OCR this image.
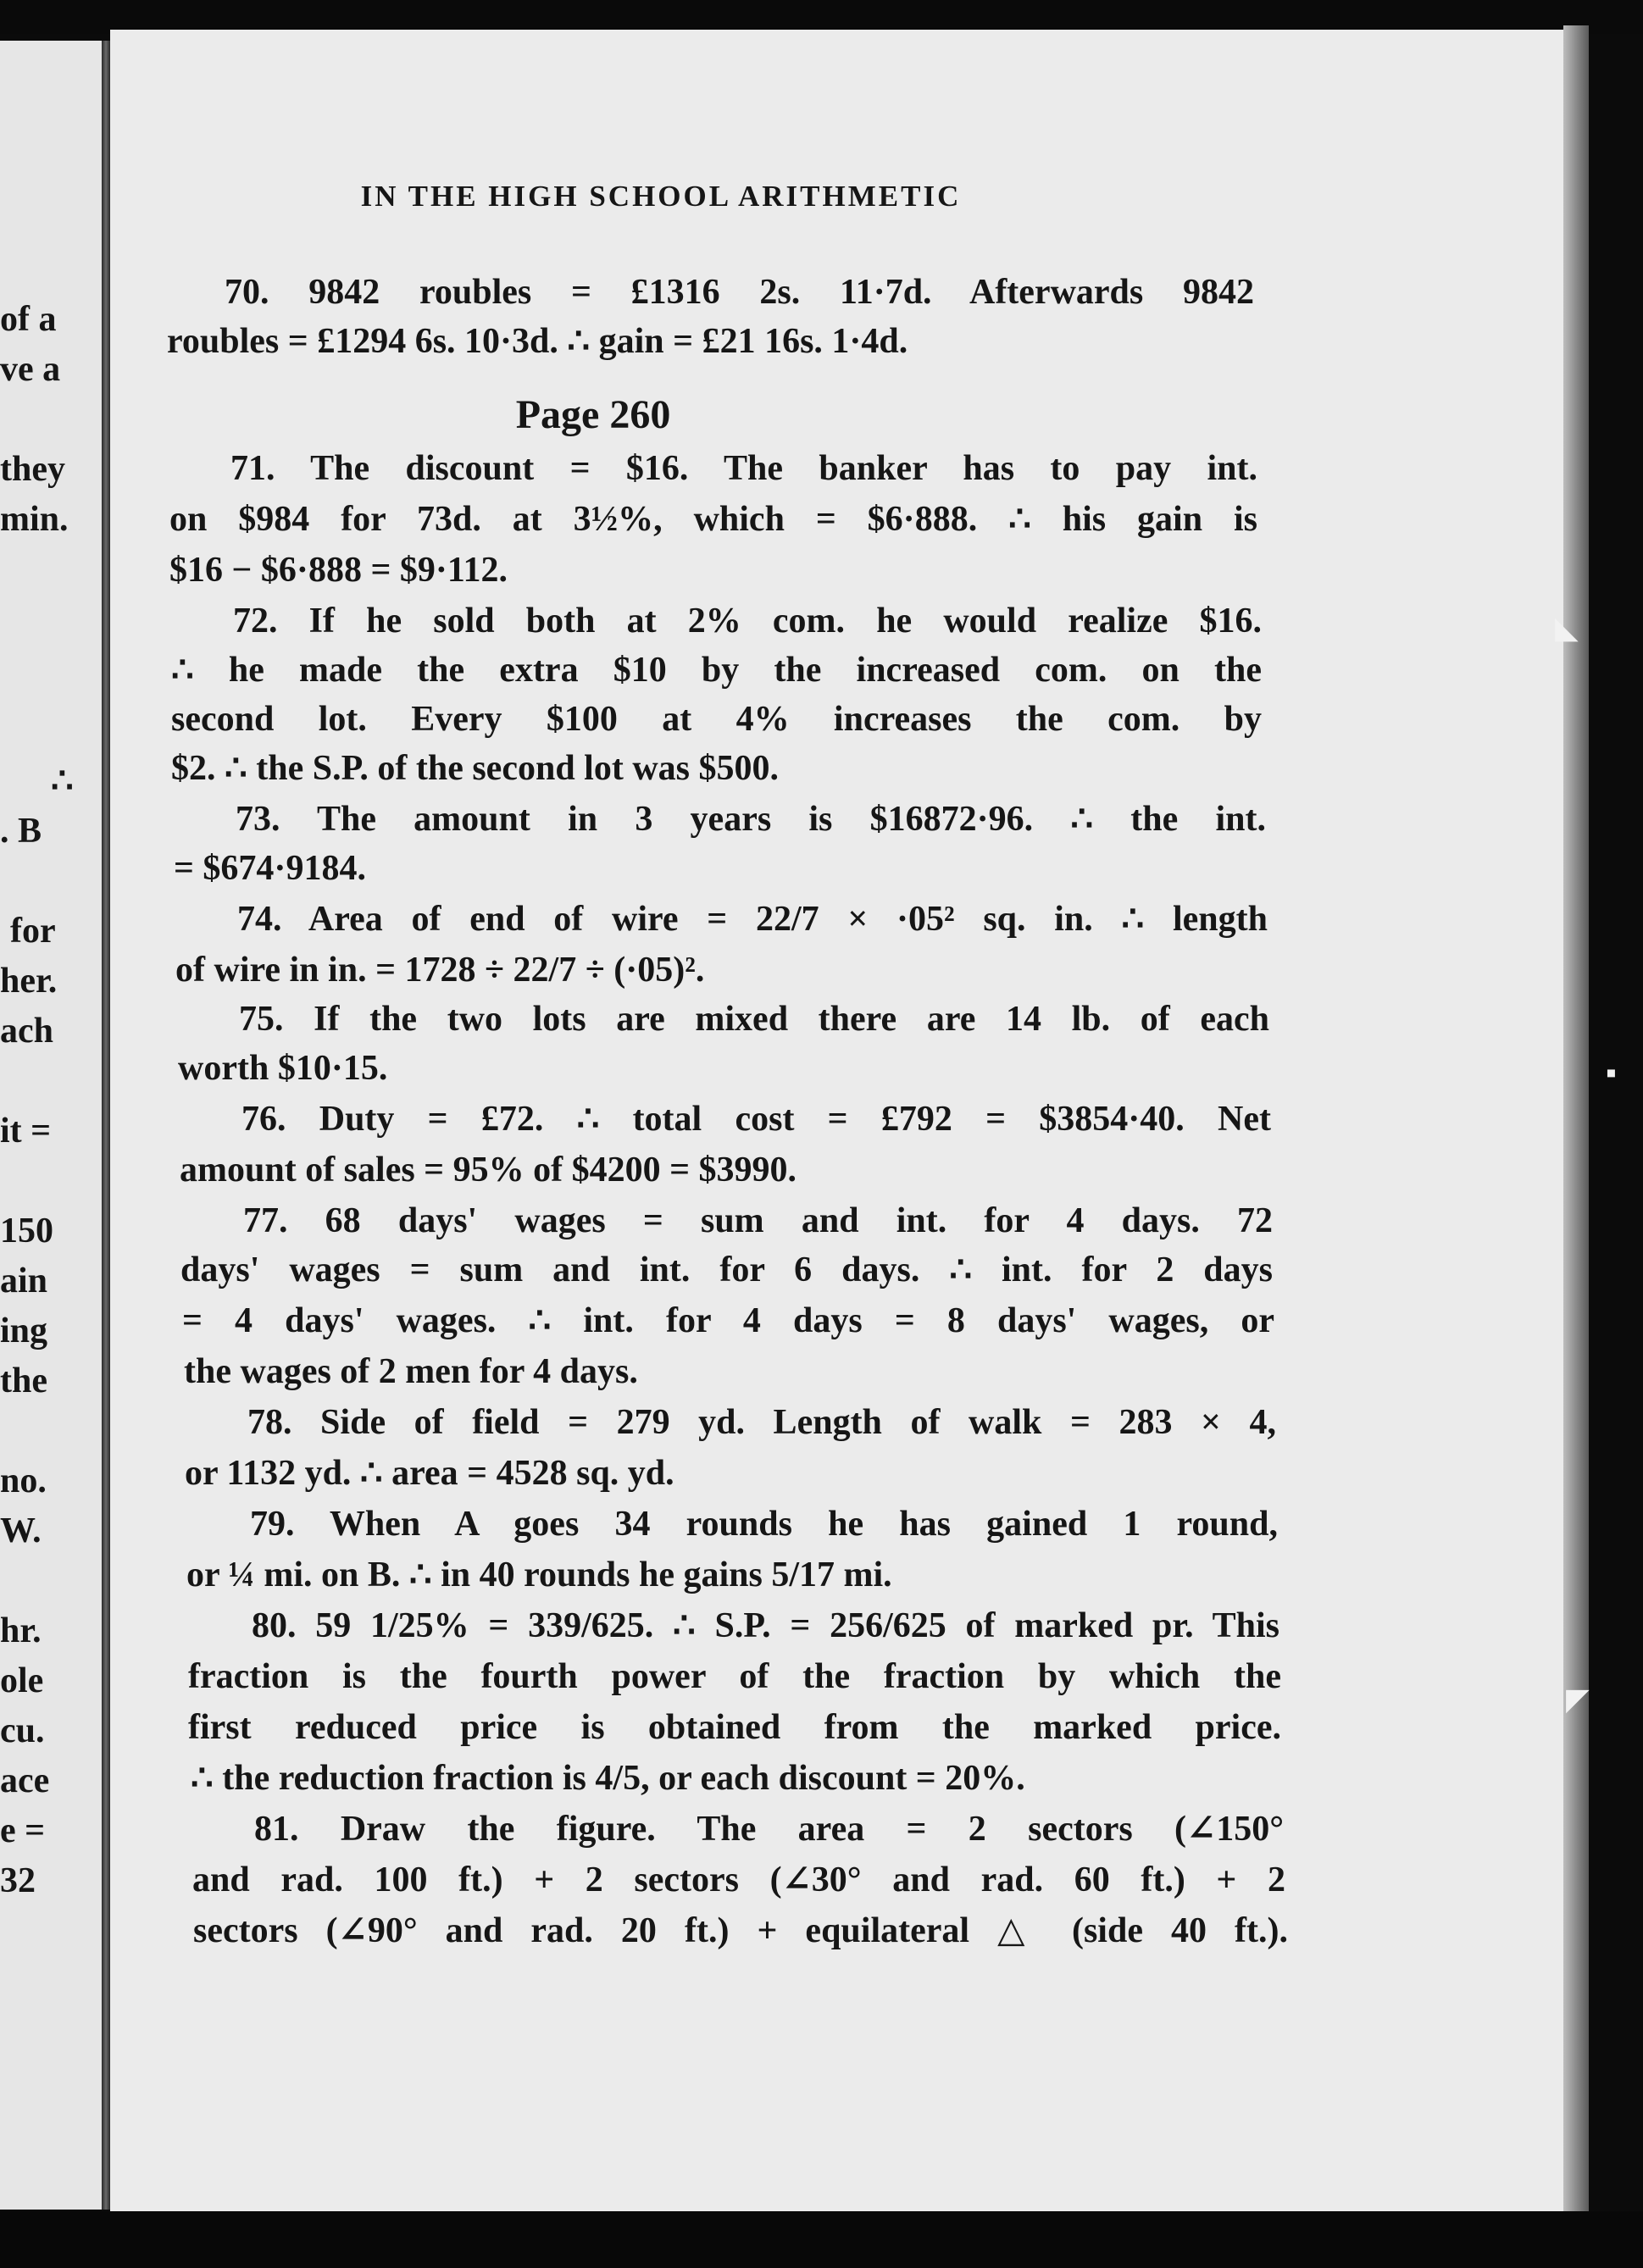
of a
ve a
they
min.
∴
. B
for
her.
ach
it =
150
ain
ing
the
no.
W.
hr.
ole
cu.
ace
e =
32
IN THE HIGH SCHOOL ARITHMETIC
70. 9842 roubles = £1316 2s. 11·7d. Afterwards 9842
roubles = £1294 6s. 10·3d. ∴ gain = £21 16s. 1·4d.
Page 260
71. The discount = $16. The banker has to pay int.
on $984 for 73d. at 3½%, which = $6·888. ∴ his gain is
$16 − $6·888 = $9·112.
72. If he sold both at 2% com. he would realize $16.
∴ he made the extra $10 by the increased com. on the
second lot. Every $100 at 4% increases the com. by
$2. ∴ the S.P. of the second lot was $500.
73. The amount in 3 years is $16872·96. ∴ the int.
= $674·9184.
74. Area of end of wire = 22/7 × ·05² sq. in. ∴ length
of wire in in. = 1728 ÷ 22/7 ÷ (·05)².
75. If the two lots are mixed there are 14 lb. of each
worth $10·15.
76. Duty = £72. ∴ total cost = £792 = $3854·40. Net
amount of sales = 95% of $4200 = $3990.
77. 68 days' wages = sum and int. for 4 days. 72
days' wages = sum and int. for 6 days. ∴ int. for 2 days
= 4 days' wages. ∴ int. for 4 days = 8 days' wages, or
the wages of 2 men for 4 days.
78. Side of field = 279 yd. Length of walk = 283 × 4,
or 1132 yd. ∴ area = 4528 sq. yd.
79. When A goes 34 rounds he has gained 1 round,
or ¼ mi. on B. ∴ in 40 rounds he gains 5/17 mi.
80. 59 1/25% = 339/625. ∴ S.P. = 256/625 of marked pr. This
fraction is the fourth power of the fraction by which the
first reduced price is obtained from the marked price.
∴ the reduction fraction is 4/5, or each discount = 20%.
81. Draw the figure. The area = 2 sectors (∠150°
and rad. 100 ft.) + 2 sectors (∠30° and rad. 60 ft.) + 2
sectors (∠90° and rad. 20 ft.) + equilateral △ (side 40 ft.).
◣
▪
◤
